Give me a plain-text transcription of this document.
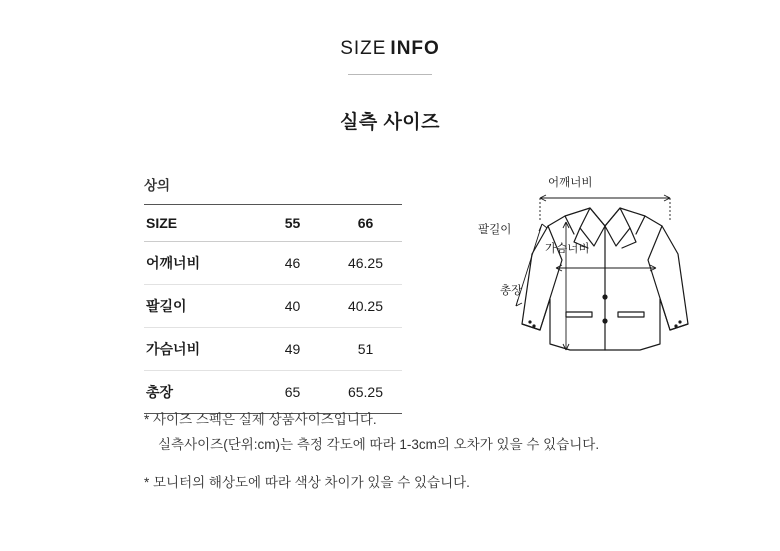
SIZE INFO
실측 사이즈
상의
SIZE	55	66
어깨너비	46	46.25
팔길이	40	40.25
가슴너비	49	51
총장	65	65.25
어깨너비
팔길이
가슴너비
총장

* 사이즈 스펙은 실제 상품사이즈입니다.

실측사이즈(단위:cm)는 측정 각도에 따라 1-3cm의 오차가 있을 수 있습니다.

* 모니터의 해상도에 따라 색상 차이가 있을 수 있습니다.
